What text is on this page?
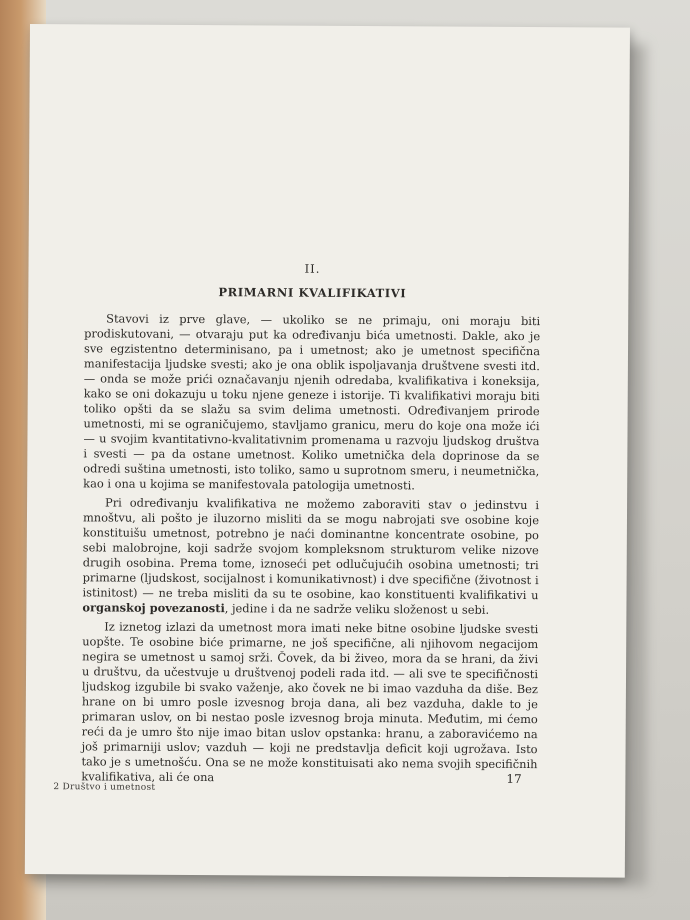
II.

PRIMARNI KVALIFIKATIVI

Stavovi iz prve glave, — ukoliko se ne primaju, oni moraju biti prodiskutovani, — otvaraju put ka određivanju bića umetnosti. Dakle, ako je sve egzistentno determinisano, pa i umetnost; ako je umetnost specifična manifestacija ljudske svesti; ako je ona oblik ispoljavanja društvene svesti itd. — onda se može prići označavanju njenih odredaba, kvalifikativa i koneksija, kako se oni dokazuju u toku njene geneze i istorije. Ti kvalifikativi moraju biti toliko opšti da se slažu sa svim delima umetnosti. Određivanjem prirode umetnosti, mi se ograničujemo, stavljamo granicu, meru do koje ona može ići — u svojim kvantitativno-kvalitativnim promenama u razvoju ljudskog društva i svesti — pa da ostane umetnost. Koliko umetnička dela doprinose da se odredi suština umetnosti, isto toliko, samo u suprotnom smeru, i neumetnička, kao i ona u kojima se manifestovala patologija umetnosti.

Pri određivanju kvalifikativa ne možemo zaboraviti stav o jedinstvu i mnoštvu, ali pošto je iluzorno misliti da se mogu nabrojati sve osobine koje konstituišu umetnost, potrebno je naći dominantne koncentrate osobine, po sebi malobrojne, koji sadrže svojom kompleksnom strukturom velike nizove drugih osobina. Prema tome, iznoseći pet odlučujućih osobina umetnosti; tri primarne (ljudskost, socijalnost i komunikativnost) i dve specifične (životnost i istinitost) — ne treba misliti da su te osobine, kao konstituenti kvalifikativi u organskoj povezanosti, jedine i da ne sadrže veliku složenost u sebi.

Iz iznetog izlazi da umetnost mora imati neke bitne osobine ljudske svesti uopšte. Te osobine biće primarne, ne još specifične, ali njihovom negacijom negira se umetnost u samoj srži. Čovek, da bi živeo, mora da se hrani, da živi u društvu, da učestvuje u društvenoj podeli rada itd. — ali sve te specifičnosti ljudskog izgubile bi svako važenje, ako čovek ne bi imao vazduha da diše. Bez hrane on bi umro posle izvesnog broja dana, ali bez vazduha, dakle to je primaran uslov, on bi nestao posle izvesnog broja minuta. Međutim, mi ćemo reći da je umro što nije imao bitan uslov opstanka: hranu, a zaboravićemo na još primarniji uslov; vazduh — koji ne predstavlja deficit koji ugrožava. Isto tako je s umetnošću. Ona se ne može konstituisati ako nema svojih specifičnih kvalifikativa, ali će ona

2 Društvo i umetnost
17
